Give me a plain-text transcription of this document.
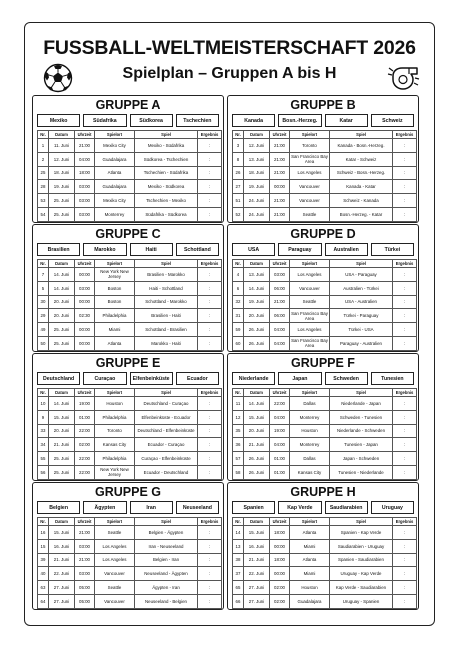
FUSSBALL-WELTMEISTERSCHAFT 2026
Spielplan – Gruppen A bis H
GRUPPE A
Mexiko	Südafrika	Südkorea	Tschechien
Nr.	Datum	Uhrzeit	Spielort	Spiel	Ergebnis
1	11. Juni	21:00	Mexiko City	Mexiko - Südafrika	:
2	12. Juni	04:00	Guadalajara	Südkorea - Tschechien	:
25	18. Juni	18:00	Atlanta	Tschechien - Südafrika	:
28	19. Juni	03:00	Guadalajara	Mexiko - Südkorea	:
53	25. Juni	03:00	Mexiko City	Tschechien - Mexiko	:
54	25. Juni	03:00	Monterrey	Südafrika - Südkorea	:
GRUPPE B
Kanada	Bosn.-Herzeg.	Katar	Schweiz
Nr.	Datum	Uhrzeit	Spielort	Spiel	Ergebnis
3	12. Juni	21:00	Toronto	Kanada - Bosn.-Herzeg.	:
8	13. Juni	21:00	San Francisco Bay Area	Katar - Schweiz	:
26	18. Juni	21:00	Los Angeles	Schweiz - Bosn.-Herzeg.	:
27	19. Juni	00:00	Vancouver	Kanada - Katar	:
51	24. Juni	21:00	Vancouver	Schweiz - Kanada	:
52	24. Juni	21:00	Seattle	Bosn.-Herzeg. - Katar	:
GRUPPE C
Brasilien	Marokko	Haiti	Schottland
Nr.	Datum	Uhrzeit	Spielort	Spiel	Ergebnis
7	14. Juni	00:00	New York New Jersey	Brasilien - Marokko	:
5	14. Juni	03:00	Boston	Haiti - Schottland	:
30	20. Juni	00:00	Boston	Schottland - Marokko	:
29	20. Juni	02:30	Philadelphia	Brasilien - Haiti	:
49	25. Juni	00:00	Miami	Schottland - Brasilien	:
50	25. Juni	00:00	Atlanta	Marokko - Haiti	:
GRUPPE D
USA	Paraguay	Australien	Türkei
Nr.	Datum	Uhrzeit	Spielort	Spiel	Ergebnis
4	13. Juni	03:00	Los Angeles	USA - Paraguay	:
6	14. Juni	06:00	Vancouver	Australien - Türkei	:
32	19. Juni	21:00	Seattle	USA - Australien	:
31	20. Juni	06:00	San Francisco Bay Area	Türkei - Paraguay	:
59	26. Juni	04:00	Los Angeles	Türkei - USA	:
60	26. Juni	04:00	San Francisco Bay Area	Paraguay - Australien	:
GRUPPE E
Deutschland	Curaçao	Elfenbeinküste	Ecuador
Nr.	Datum	Uhrzeit	Spielort	Spiel	Ergebnis
10	14. Juni	19:00	Houston	Deutschland - Curaçao	:
9	15. Juni	01:00	Philadelphia	Elfenbeinküste - Ecuador	:
33	20. Juni	22:00	Toronto	Deutschland - Elfenbeinküste	:
34	21. Juni	02:00	Kansas City	Ecuador - Curaçao	:
55	25. Juni	22:00	Philadelphia	Curaçao - Elfenbeinküste	:
56	25. Juni	22:00	New York New Jersey	Ecuador - Deutschland	:
GRUPPE F
Niederlande	Japan	Schweden	Tunesien
Nr.	Datum	Uhrzeit	Spielort	Spiel	Ergebnis
11	14. Juni	22:00	Dallas	Niederlande - Japan	:
12	15. Juni	04:00	Monterrey	Schweden - Tunesien	:
35	20. Juni	19:00	Houston	Niederlande - Schweden	:
36	21. Juni	04:00	Monterrey	Tunesien - Japan	:
57	26. Juni	01:00	Dallas	Japan - Schweden	:
58	26. Juni	01:00	Kansas City	Tunesien - Niederlande	:
GRUPPE G
Belgien	Ägypten	Iran	Neuseeland
Nr.	Datum	Uhrzeit	Spielort	Spiel	Ergebnis
16	15. Juni	21:00	Seattle	Belgien - Ägypten	:
15	16. Juni	03:00	Los Angeles	Iran - Neuseeland	:
39	21. Juni	21:00	Los Angeles	Belgien - Iran	:
40	22. Juni	03:00	Vancouver	Neuseeland - Ägypten	:
63	27. Juni	05:00	Seattle	Ägypten - Iran	:
64	27. Juni	05:00	Vancouver	Neuseeland - Belgien	:
GRUPPE H
Spanien	Kap Verde	Saudiarabien	Uruguay
Nr.	Datum	Uhrzeit	Spielort	Spiel	Ergebnis
14	15. Juni	18:00	Atlanta	Spanien - Kap Verde	:
13	16. Juni	00:00	Miami	Saudiarabien - Uruguay	:
38	21. Juni	18:00	Atlanta	Spanien - Saudiarabien	:
37	22. Juni	00:00	Miami	Uruguay - Kap Verde	:
65	27. Juni	02:00	Houston	Kap Verde - Saudiarabien	:
66	27. Juni	02:00	Guadalajara	Uruguay - Spanien	:
